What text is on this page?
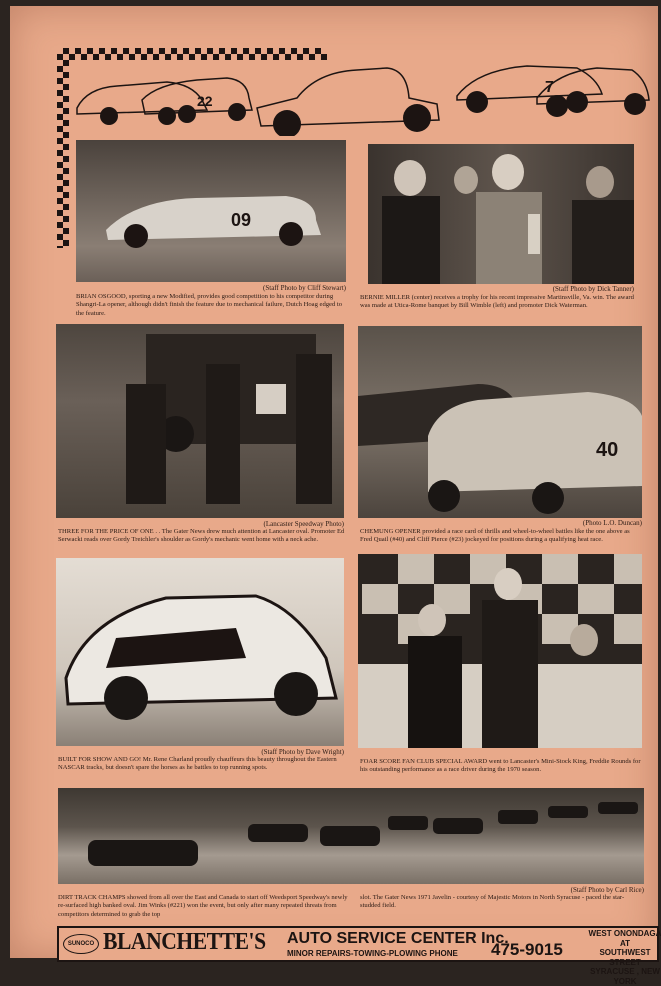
22
7
09
(Staff Photo by Cliff Stewart)
BRIAN OSGOOD, sporting a new Modified, provides good competition to his competitor during Shangri-La opener, although didn't finish the feature due to mechanical failure, Dutch Hoag edged to the feature.
(Staff Photo by Dick Tanner)
BERNIE MILLER (center) receives a trophy for his recent impressive Martinsville, Va. win. The award was made at Utica-Rome banquet by Bill Wimble (left) and promoter Dick Waterman.
(Lancaster Speedway Photo)
THREE FOR THE PRICE OF ONE . . The Gater News drew much attention at Lancaster oval. Promoter Ed Serwacki reads over Gordy Treichler's shoulder as Gordy's mechanic went home with a neck ache.
40
(Photo L.O. Duncan)
CHEMUNG OPENER provided a race card of thrills and wheel-to-wheel battles like the one above as Fred Quail (#40) and Cliff Pierce (#23) jockeyed for positions during a qualifying heat race.
(Staff Photo by Dave Wright)
BUILT FOR SHOW AND GO! Mr. Rene Charland proudly chauffeurs this beauty throughout the Eastern NASCAR tracks, but doesn't spare the horses as he battles to top running spots.
FOAR SCORE FAN CLUB SPECIAL AWARD went to Lancaster's Mini-Stock King, Freddie Rounds for his outstanding performance as a race driver during the 1970 season.
(Staff Photo by Carl Rice)
DIRT TRACK CHAMPS showed from all over the East and Canada to start off Weedsport Speedway's newly re-surfaced high banked oval. Jim Winks (#221) won the event, but only after many repeated threats from competitors determined to grab the top
slot. The Gater News 1971 Javelin - courtesy of Majestic Motors in North Syracuse - paced the star-studded field.
SUNOCO BLANCHETTE'S AUTO SERVICE CENTER Inc.
MINOR REPAIRS-TOWING-PLOWING PHONE 475-9015
WEST ONONDAGA AT
SOUTHWEST STREET
SYRACUSE , NEW YORK
